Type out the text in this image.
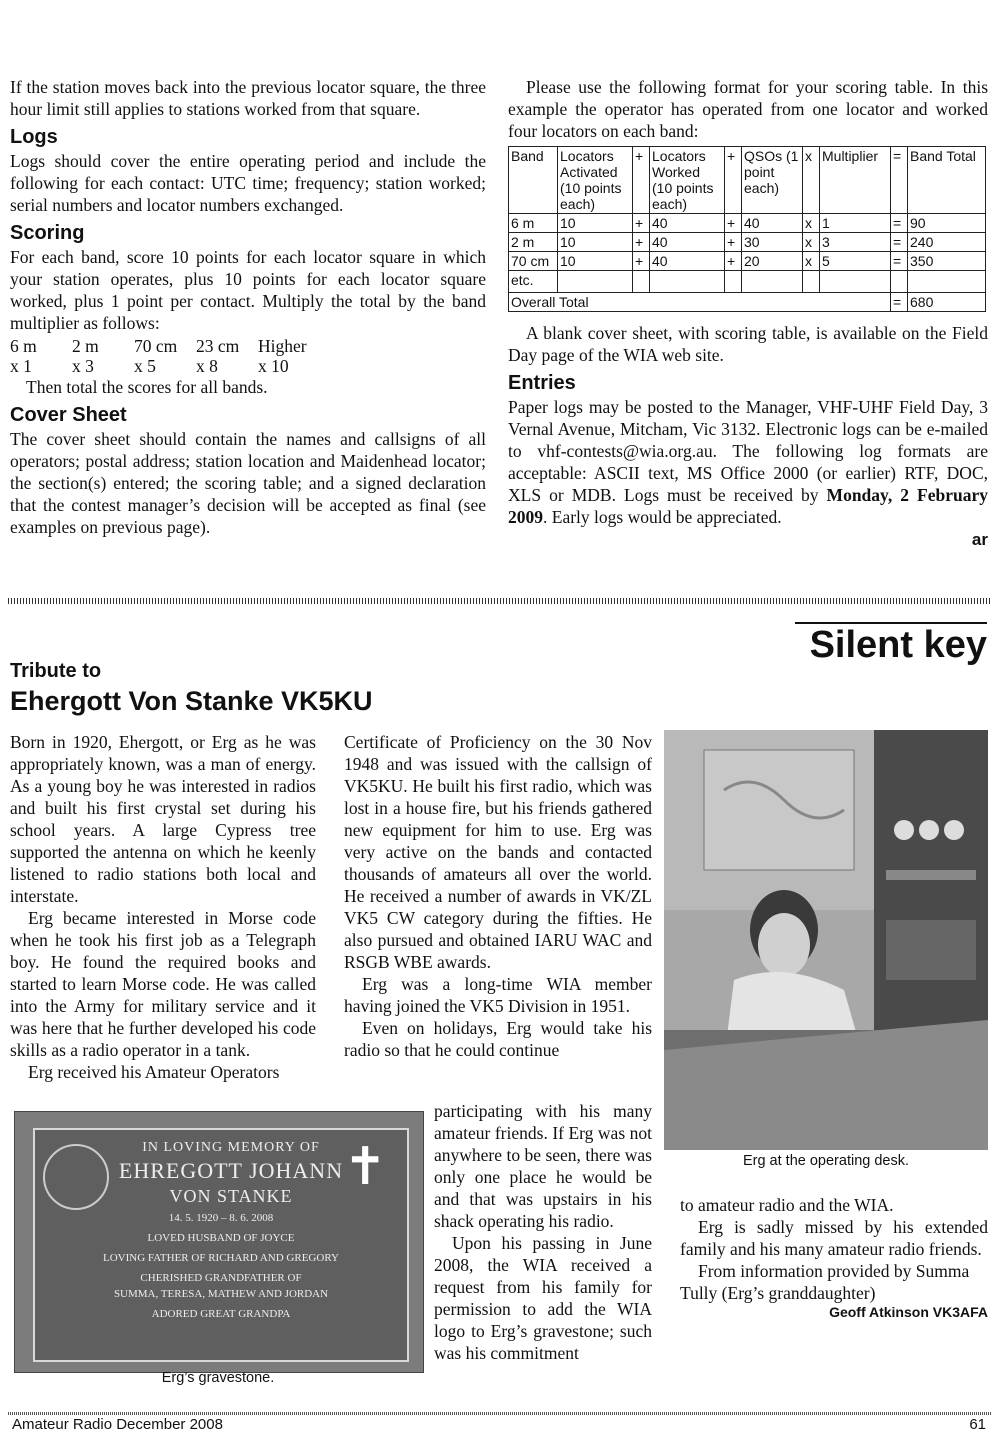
If the station moves back into the previous locator square, the three hour limit still applies to stations worked from that square.

Logs

Logs should cover the entire operating period and include the following for each contact: UTC time; frequency; station worked; serial numbers and locator numbers exchanged.

Scoring

For each band, score 10 points for each locator square in which your station operates, plus 10 points for each locator square worked, plus 1 point per contact. Multiply the total by the band multiplier as follows:

6 m 2 m 70 cm 23 cm Higher
x 1 x 3 x 5 x 8 x 10

Then total the scores for all bands.

Cover Sheet

The cover sheet should contain the names and callsigns of all operators; postal address; station location and Maidenhead locator; the section(s) entered; the scoring table; and a signed declaration that the contest manager’s decision will be accepted as final (see examples on previous page).

Please use the following format for your scoring table. In this example the operator has operated from one locator and worked four locators on each band:

Band	Locators Activated (10 points each)	+	Locators Worked (10 points each)	+	QSOs (1 point each)	x	Multiplier	=	Band Total
6 m	10	+	40	+	40	x	1	=	90
2 m	10	+	40	+	30	x	3	=	240
70 cm	10	+	40	+	20	x	5	=	350
etc.									
Overall Total								=	680

A blank cover sheet, with scoring table, is available on the Field Day page of the WIA web site.

Entries

Paper logs may be posted to the Manager, VHF-UHF Field Day, 3 Vernal Avenue, Mitcham, Vic 3132. Electronic logs can be e-mailed to vhf-contests@wia.org.au. The following log formats are acceptable: ASCII text, MS Office 2000 (or earlier) RTF, DOC, XLS or MDB. Logs must be received by Monday, 2 February 2009. Early logs would be appreciated.

ar
Silent key
Tribute to
Ehergott Von Stanke VK5KU

Born in 1920, Ehergott, or Erg as he was appropriately known, was a man of energy. As a young boy he was interested in radios and built his first crystal set during his school years. A large Cypress tree supported the antenna on which he keenly listened to radio stations both local and interstate.

Erg became interested in Morse code when he took his first job as a Telegraph boy. He found the required books and started to learn Morse code. He was called into the Army for military service and it was here that he further developed his code skills as a radio operator in a tank.

Erg received his Amateur Operators

Certificate of Proficiency on the 30 Nov 1948 and was issued with the callsign of VK5KU. He built his first radio, which was lost in a house fire, but his friends gathered new equipment for him to use. Erg was very active on the bands and contacted thousands of amateurs all over the world. He received a number of awards in VK/ZL VK5 CW category during the fifties. He also pursued and obtained IARU WAC and RSGB WBE awards.

Erg was a long-time WIA member having joined the VK5 Division in 1951.

Even on holidays, Erg would take his radio so that he could continue

participating with his many amateur friends. If Erg was not anywhere to be seen, there was only one place he would be and that was upstairs in his shack operating his radio.

Upon his passing in June 2008, the WIA received a request from his family for permission to add the WIA logo to Erg’s gravestone; such was his commitment

✝
IN LOVING MEMORY OF
EHREGOTT JOHANN
VON STANKE
14. 5. 1920 – 8. 6. 2008
LOVED HUSBAND OF JOYCE
LOVING FATHER OF RICHARD AND GREGORY
CHERISHED GRANDFATHER OF
SUMMA, TERESA, MATHEW AND JORDAN
ADORED GREAT GRANDPA
Erg’s gravestone.
Erg at the operating desk.

to amateur radio and the WIA.

Erg is sadly missed by his extended family and his many amateur radio friends.

From information provided by Summa Tully (Erg’s granddaughter)

Geoff Atkinson VK3AFA
Amateur Radio December 2008	61
